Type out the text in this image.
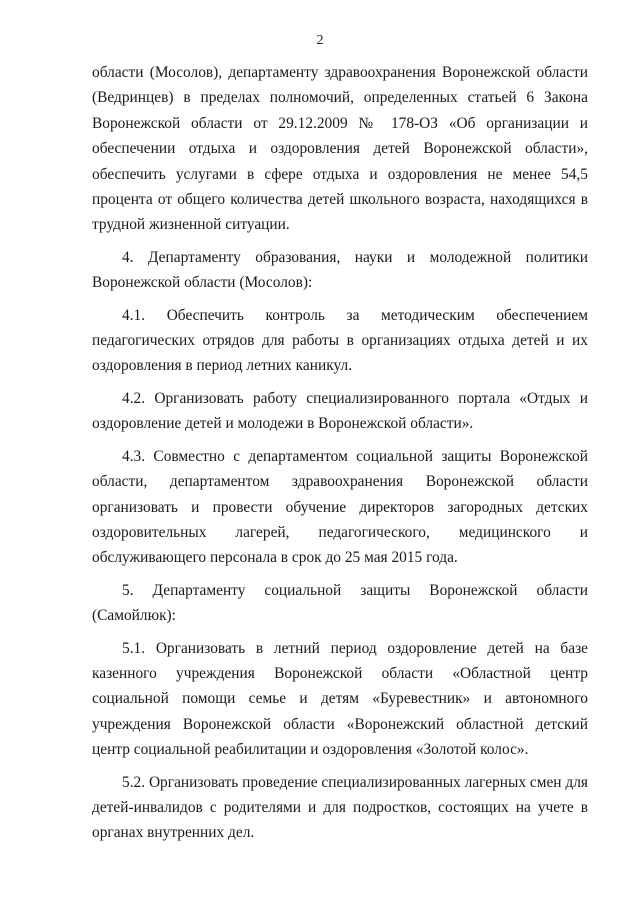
2

области (Мосолов), департаменту здравоохранения Воронежской области (Ведринцев) в пределах полномочий, определенных статьей 6 Закона Воронежской области от 29.12.2009 № 178-ОЗ «Об организации и обеспечении отдыха и оздоровления детей Воронежской области», обеспечить услугами в сфере отдыха и оздоровления не менее 54,5 процента от общего количества детей школьного возраста, находящихся в трудной жизненной ситуации.

4. Департаменту образования, науки и молодежной политики Воронежской области (Мосолов):

4.1. Обеспечить контроль за методическим обеспечением педагогических отрядов для работы в организациях отдыха детей и их оздоровления в период летних каникул.

4.2. Организовать работу специализированного портала «Отдых и оздоровление детей и молодежи в Воронежской области».

4.3. Совместно с департаментом социальной защиты Воронежской области, департаментом здравоохранения Воронежской области организовать и провести обучение директоров загородных детских оздоровительных лагерей, педагогического, медицинского и обслуживающего персонала в срок до 25 мая 2015 года.

5. Департаменту социальной защиты Воронежской области (Самойлюк):

5.1. Организовать в летний период оздоровление детей на базе казенного учреждения Воронежской области «Областной центр социальной помощи семье и детям «Буревестник» и автономного учреждения Воронежской области «Воронежский областной детский центр социальной реабилитации и оздоровления «Золотой колос».

5.2. Организовать проведение специализированных лагерных смен для детей-инвалидов с родителями и для подростков, состоящих на учете в органах внутренних дел.
